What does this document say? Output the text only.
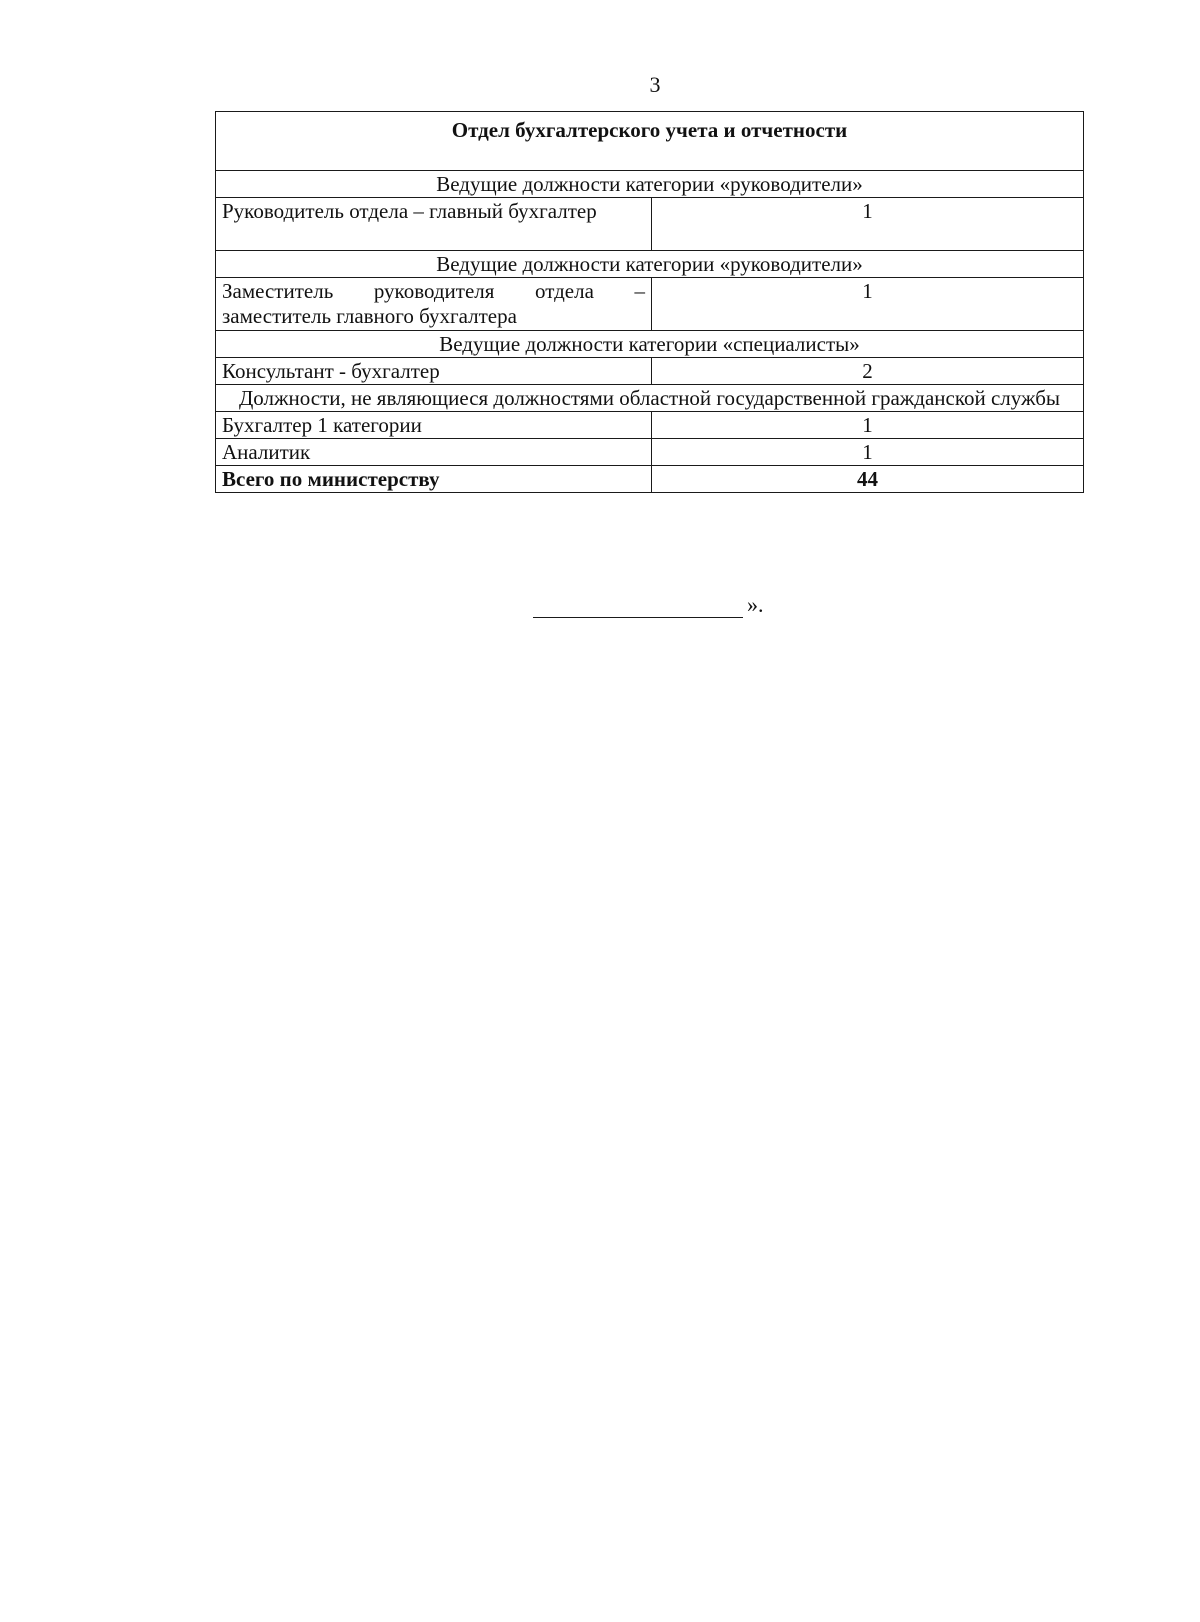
3
Отдел бухгалтерского учета и отчетности	
Ведущие должности категории «руководители»	
Руководитель отдела – главный бухгалтер	1
Ведущие должности категории «руководители»	
Заместитель руководителя отдела – заместитель главного бухгалтера	1
Ведущие должности категории «специалисты»	
Консультант - бухгалтер	2
Должности, не являющиеся должностями областной государственной гражданской службы	
Бухгалтер 1 категории	1
Аналитик	1
Всего по министерству	44
».
